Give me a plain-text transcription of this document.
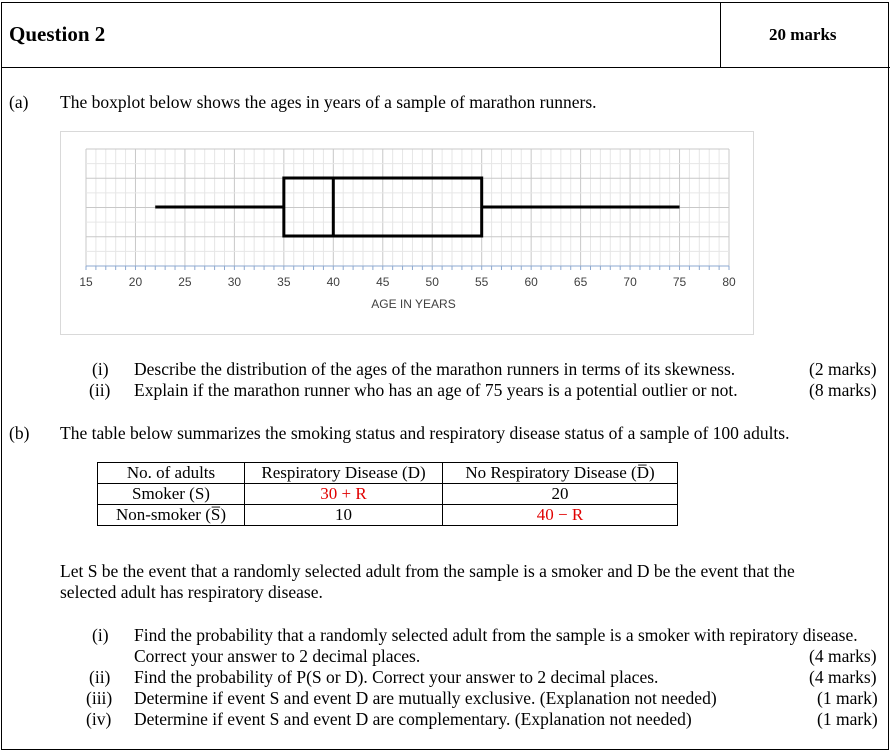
Question 2	20 marks
(a) The boxplot below shows the ages in years of a sample of marathon runners.
15	20	25	30	35	40	45	50	55	60	65	70	75	80
AGE IN YEARS
(i) Describe the distribution of the ages of the marathon runners in terms of its skewness.	(2 marks)
(ii) Explain if the marathon runner who has an age of 75 years is a potential outlier or not.	(8 marks)
(b) The table below summarizes the smoking status and respiratory disease status of a sample of 100 adults.
No. of adults	Respiratory Disease (D)	No Respiratory Disease (D̅)
Smoker (S)	30 + R	20
Non-smoker (S̅)	10	40 − R
Let S be the event that a randomly selected adult from the sample is a smoker and D be the event that the
selected adult has respiratory disease.
(i) Find the probability that a randomly selected adult from the sample is a smoker with repiratory disease.
Correct your answer to 2 decimal places.	(4 marks)
(ii) Find the probability of P(S or D). Correct your answer to 2 decimal places.	(4 marks)
(iii) Determine if event S and event D are mutually exclusive. (Explanation not needed)	(1 mark)
(iv) Determine if event S and event D are complementary. (Explanation not needed)	(1 mark)
